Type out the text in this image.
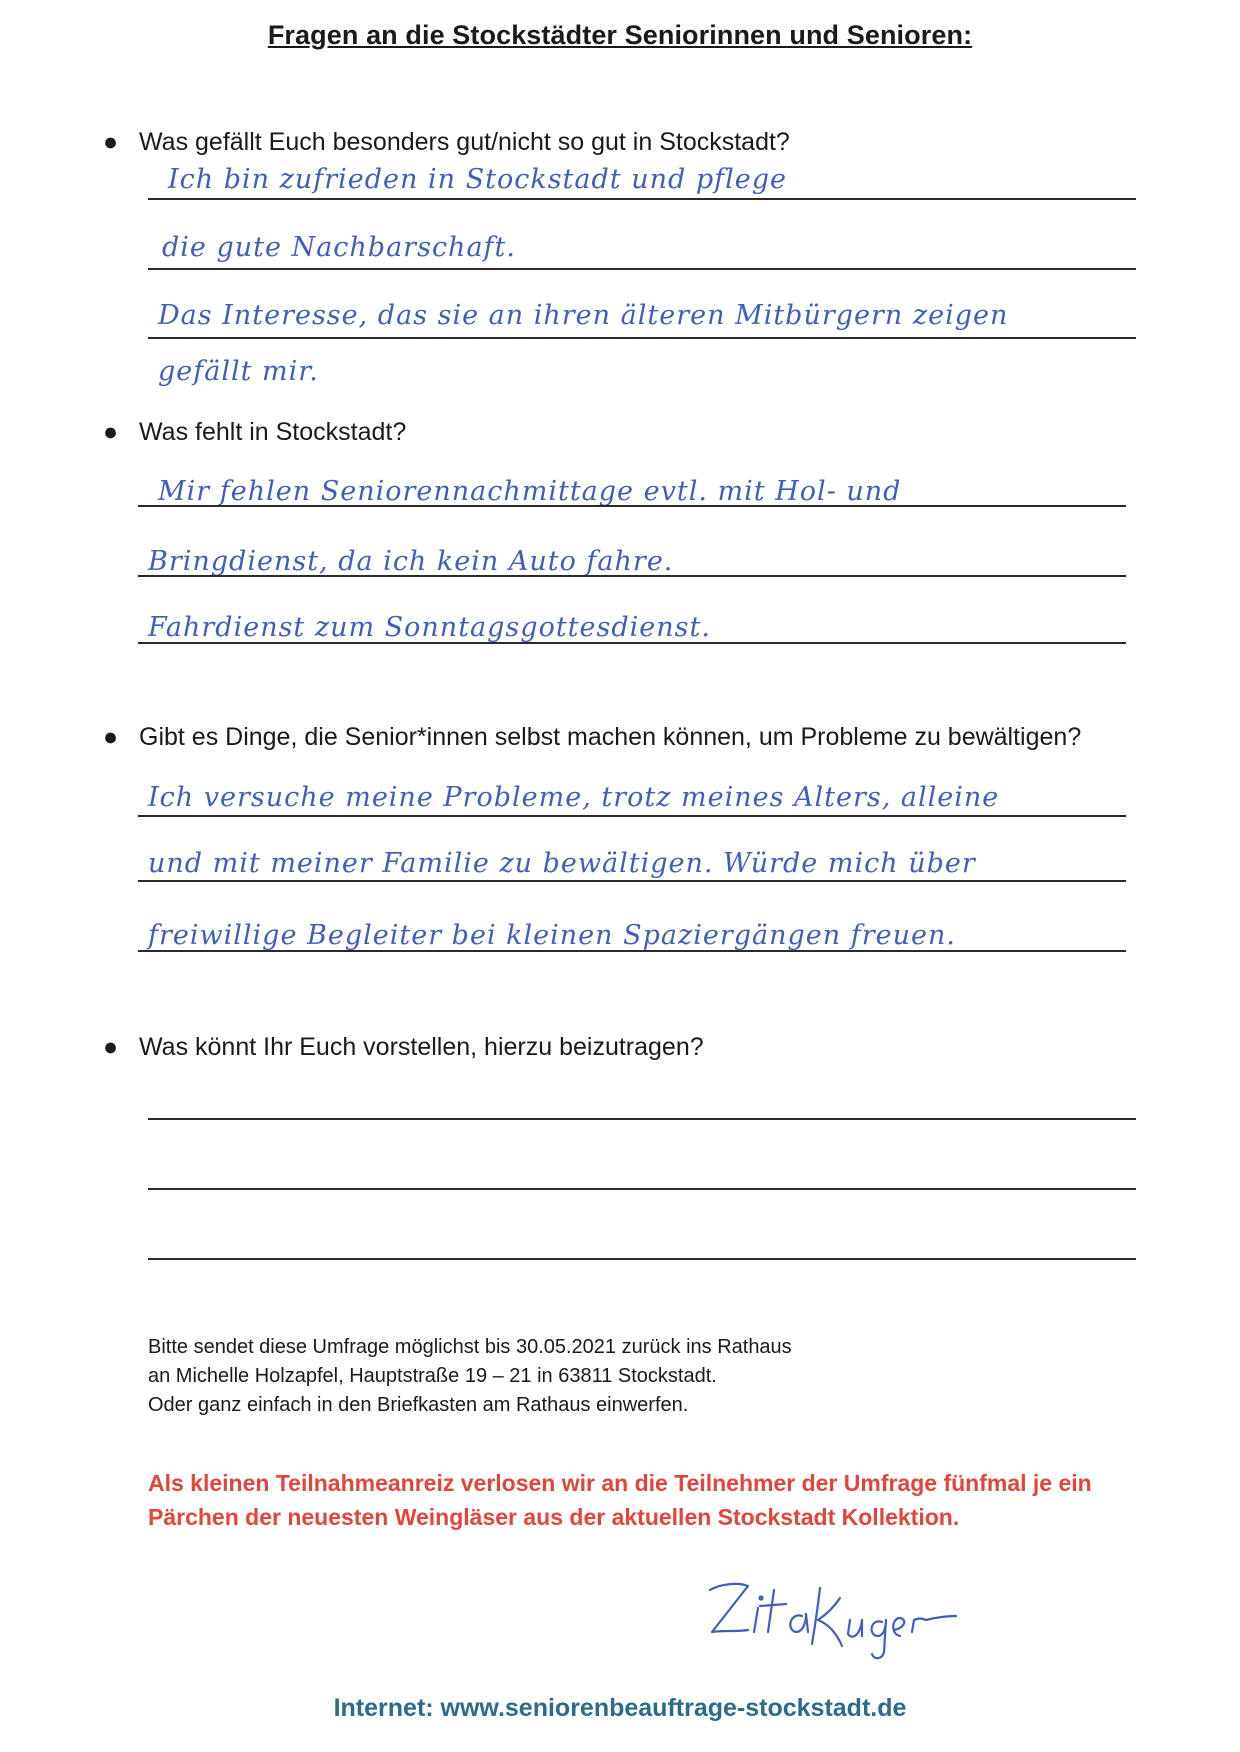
Fragen an die Stockstädter Seniorinnen und Senioren:
● Was gefällt Euch besonders gut/nicht so gut in Stockstadt?
Ich bin zufrieden in Stockstadt und pflege
die gute Nachbarschaft.
Das Interesse, das sie an ihren älteren Mitbürgern zeigen
gefällt mir.
● Was fehlt in Stockstadt?
Mir fehlen Seniorennachmittage evtl. mit Hol- und
Bringdienst, da ich kein Auto fahre.
Fahrdienst zum Sonntagsgottesdienst.
● Gibt es Dinge, die Senior*innen selbst machen können, um Probleme zu bewältigen?
Ich versuche meine Probleme, trotz meines Alters, alleine
und mit meiner Familie zu bewältigen. Würde mich über
freiwillige Begleiter bei kleinen Spaziergängen freuen.
● Was könnt Ihr Euch vorstellen, hierzu beizutragen?
Bitte sendet diese Umfrage möglichst bis 30.05.2021 zurück ins Rathaus
an Michelle Holzapfel, Hauptstraße 19 – 21 in 63811 Stockstadt.
Oder ganz einfach in den Briefkasten am Rathaus einwerfen.
Als kleinen Teilnahmeanreiz verlosen wir an die Teilnehmer der Umfrage fünfmal je ein Pärchen der neuesten Weingläser aus der aktuellen Stockstadt Kollektion.
Internet: www.seniorenbeauftrage-stockstadt.de
